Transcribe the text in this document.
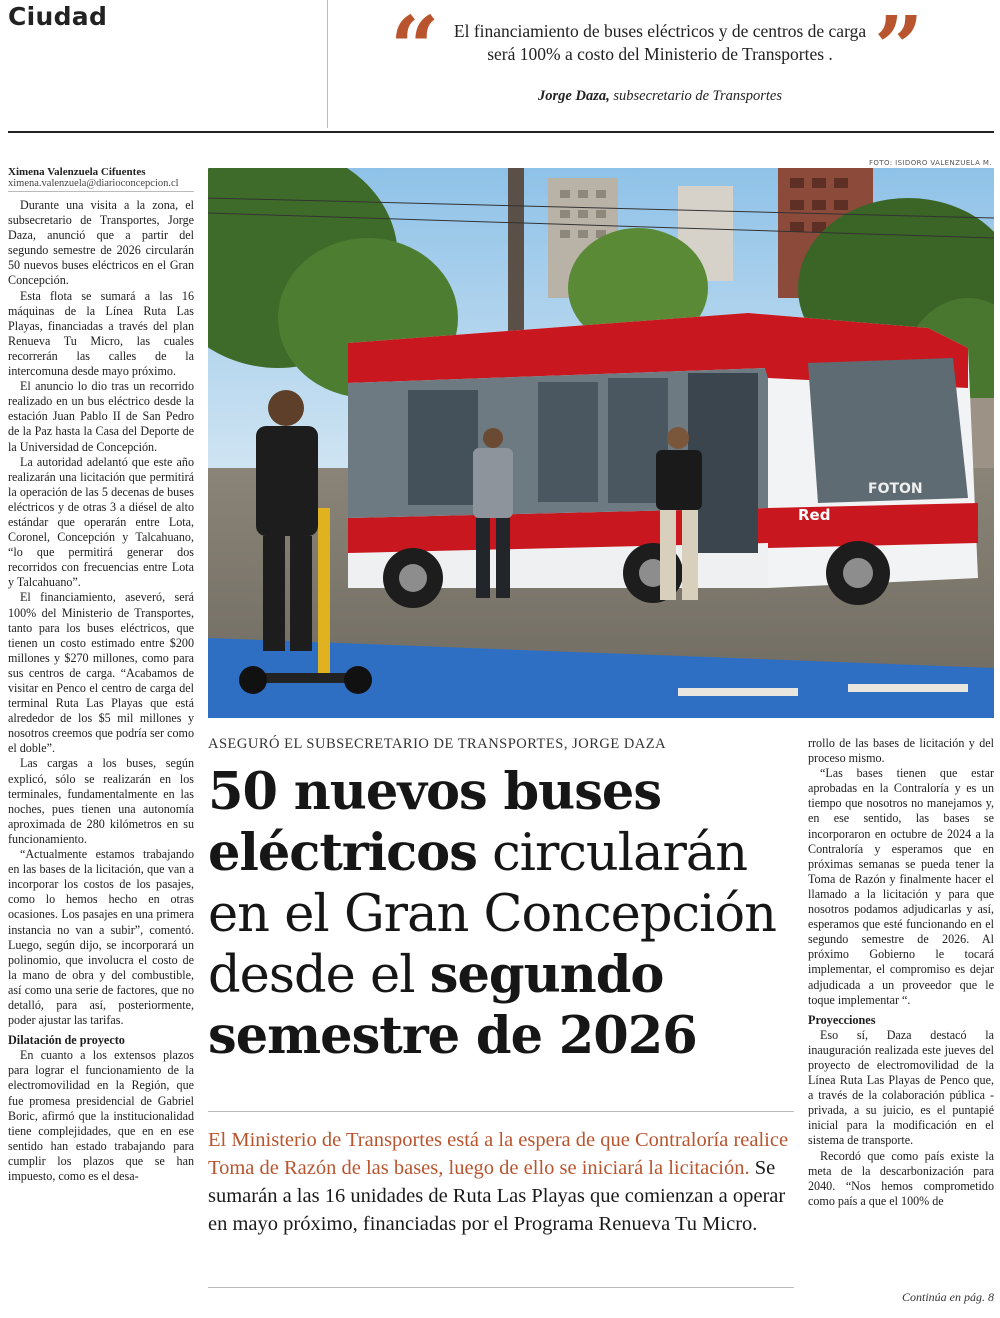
Ciudad	“ El financiamiento de buses eléctricos y de centros de carga será 100% a costo del Ministerio de Transportes .
Jorge Daza, subsecretario de Transportes	”
Ximena Valenzuela Cifuentes
ximena.valenzuela@diarioconcepcion.cl

Durante una visita a la zona, el subsecretario de Transportes, Jorge Daza, anunció que a partir del segundo semestre de 2026 circularán 50 nuevos buses eléctricos en el Gran Concepción.

Esta flota se sumará a las 16 máquinas de la Línea Ruta Las Playas, financiadas a través del plan Renueva Tu Micro, las cuales recorrerán las calles de la intercomuna desde mayo próximo.

El anuncio lo dio tras un recorrido realizado en un bus eléctrico desde la estación Juan Pablo II de San Pedro de la Paz hasta la Casa del Deporte de la Universidad de Concepción.

La autoridad adelantó que este año realizarán una licitación que permitirá la operación de las 5 decenas de buses eléctricos y de otras 3 a diésel de alto estándar que operarán entre Lota, Coronel, Concepción y Talcahuano, “lo que permitirá generar dos recorridos con frecuencias entre Lota y Talcahuano”.

El financiamiento, aseveró, será 100% del Ministerio de Transportes, tanto para los buses eléctricos, que tienen un costo estimado entre $200 millones y $270 millones, como para sus centros de carga. “Acabamos de visitar en Penco el centro de carga del terminal Ruta Las Playas que está alrededor de los $5 mil millones y nosotros creemos que podría ser como el doble”.

Las cargas a los buses, según explicó, sólo se realizarán en los terminales, fundamentalmente en las noches, pues tienen una autonomía aproximada de 280 kilómetros en su funcionamiento.

“Actualmente estamos trabajando en las bases de la licitación, que van a incorporar los costos de los pasajes, como lo hemos hecho en otras ocasiones. Los pasajes en una primera instancia no van a subir”, comentó. Luego, según dijo, se incorporará un polinomio, que involucra el costo de la mano de obra y del combustible, así como una serie de factores, que no detalló, para así, posteriormente, poder ajustar las tarifas.

Dilatación de proyecto

En cuanto a los extensos plazos para lograr el funcionamiento de la electromovilidad en la Región, que fue promesa presidencial de Gabriel Boric, afirmó que la institucionalidad tiene complejidades, que en en ese sentido han estado trabajando para cumplir los plazos que se han impuesto, como es el desa-

FOTO: ISIDORO VALENZUELA M.
FOTON
Red
ASEGURÓ EL SUBSECRETARIO DE TRANSPORTES, JORGE DAZA
50 nuevos buses eléctricos circularán en el Gran Concepción desde el segundo semestre de 2026
El Ministerio de Transportes está a la espera de que Contraloría realice Toma de Razón de las bases, luego de ello se iniciará la licitación. Se sumarán a las 16 unidades de Ruta Las Playas que comienzan a operar en mayo próximo, financiadas por el Programa Renueva Tu Micro.

rrollo de las bases de licitación y del proceso mismo.

“Las bases tienen que estar aprobadas en la Contraloría y es un tiempo que nosotros no manejamos y, en ese sentido, las bases se incorporaron en octubre de 2024 a la Contraloría y esperamos que en próximas semanas se pueda tener la Toma de Razón y finalmente hacer el llamado a la licitación y para que nosotros podamos adjudicarlas y así, esperamos que esté funcionando en el segundo semestre de 2026. Al próximo Gobierno le tocará implementar, el compromiso es dejar adjudicada a un proveedor que le toque implementar “.

Proyecciones

Eso sí, Daza destacó la inauguración realizada este jueves del proyecto de electromovilidad de la Línea Ruta Las Playas de Penco que, a través de la colaboración pública - privada, a su juicio, es el puntapié inicial para la modificación en el sistema de transporte.

Recordó que como país existe la meta de la descarbonización para 2040. “Nos hemos comprometido como país a que el 100% de

Continúa en pág. 8
